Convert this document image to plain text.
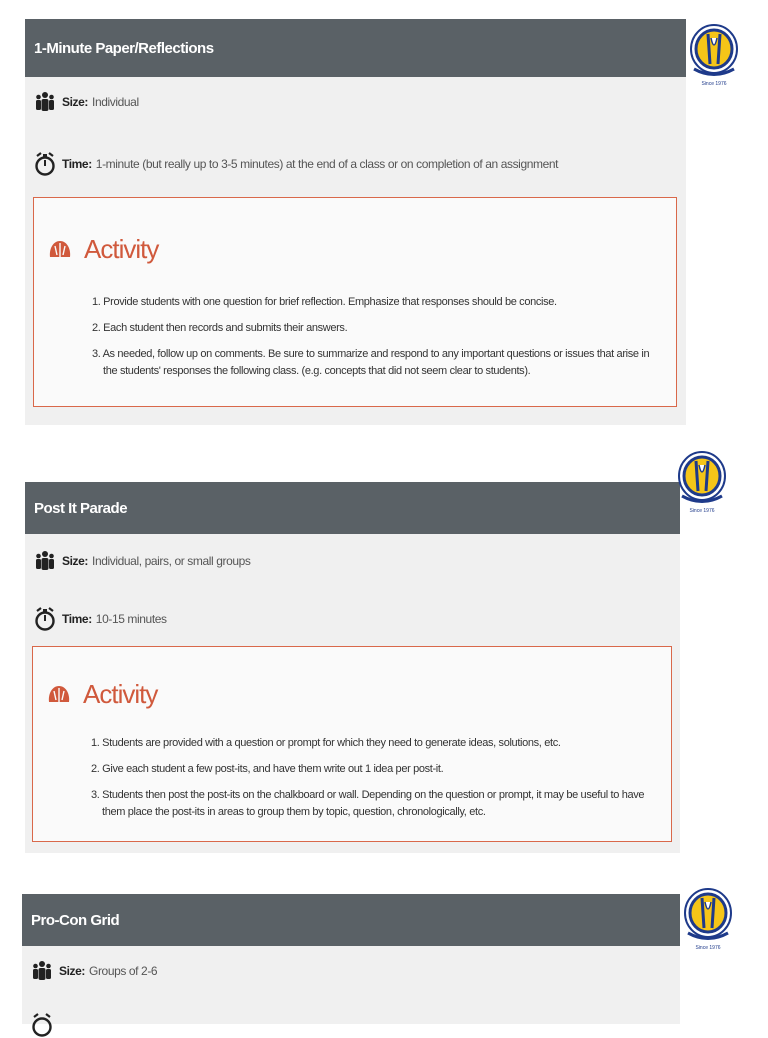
1-Minute Paper/Reflections
Size: Individual
Time: 1-minute (but really up to 3-5 minutes) at the end of a class or on completion of an assignment
Activity
1. Provide students with one question for brief reflection. Emphasize that responses should be concise.
2. Each student then records and submits their answers.
3. As needed, follow up on comments. Be sure to summarize and respond to any important questions or issues that arise in the students' responses the following class. (e.g. concepts that did not seem clear to students).
Since 1976
Post It Parade
Size: Individual, pairs, or small groups
Time: 10-15 minutes
Activity
1. Students are provided with a question or prompt for which they need to generate ideas, solutions, etc.
2. Give each student a few post-its, and have them write out 1 idea per post-it.
3. Students then post the post-its on the chalkboard or wall. Depending on the question or prompt, it may be useful to have them place the post-its in areas to group them by topic, question, chronologically, etc.
Since 1976
Pro-Con Grid
Size: Groups of 2-6
Since 1976
